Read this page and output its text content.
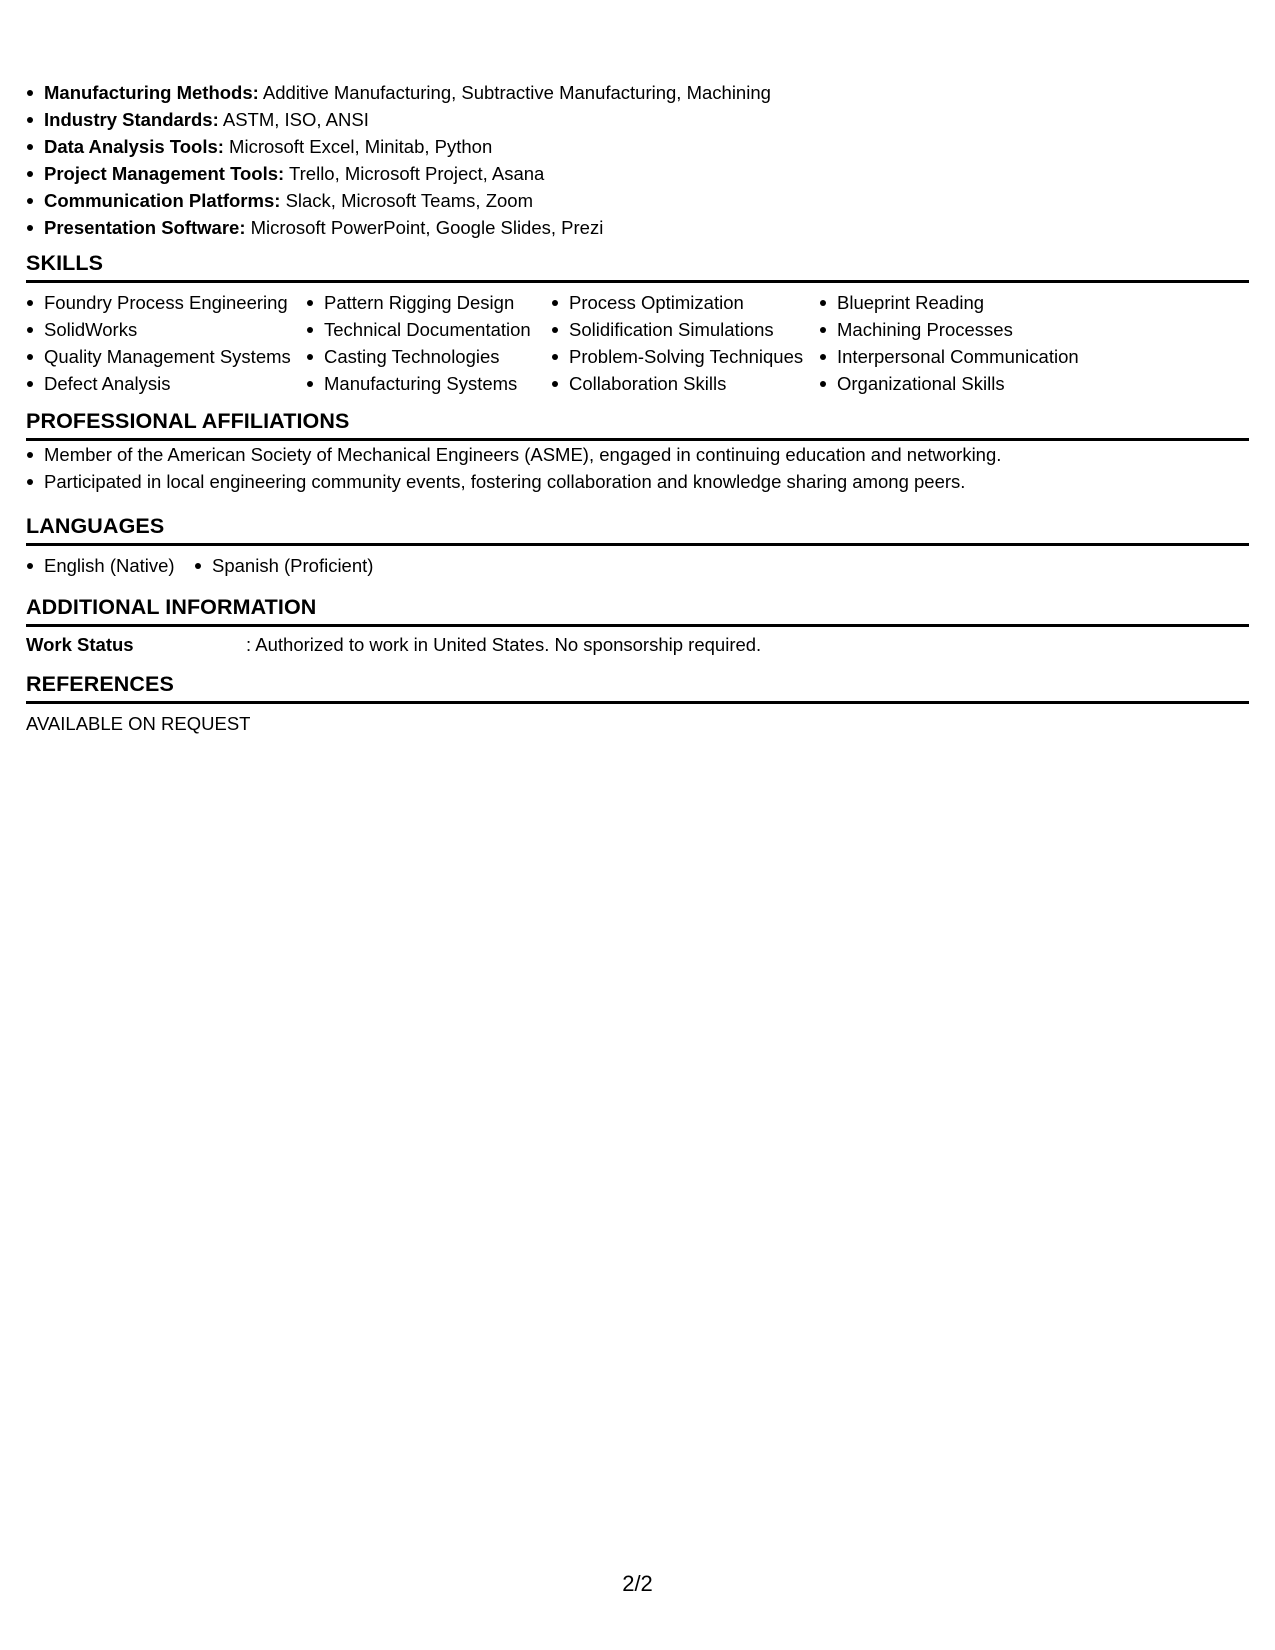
Manufacturing Methods: Additive Manufacturing, Subtractive Manufacturing, Machining
Industry Standards: ASTM, ISO, ANSI
Data Analysis Tools: Microsoft Excel, Minitab, Python
Project Management Tools: Trello, Microsoft Project, Asana
Communication Platforms: Slack, Microsoft Teams, Zoom
Presentation Software: Microsoft PowerPoint, Google Slides, Prezi
SKILLS
Foundry Process Engineering
SolidWorks
Quality Management Systems
Defect Analysis
Pattern Rigging Design
Technical Documentation
Casting Technologies
Manufacturing Systems
Process Optimization
Solidification Simulations
Problem-Solving Techniques
Collaboration Skills
Blueprint Reading
Machining Processes
Interpersonal Communication
Organizational Skills
PROFESSIONAL AFFILIATIONS
Member of the American Society of Mechanical Engineers (ASME), engaged in continuing education and networking.
Participated in local engineering community events, fostering collaboration and knowledge sharing among peers.
LANGUAGES
English (Native)	Spanish (Proficient)
ADDITIONAL INFORMATION
Work Status	: Authorized to work in United States. No sponsorship required.
REFERENCES
AVAILABLE ON REQUEST
2/2
